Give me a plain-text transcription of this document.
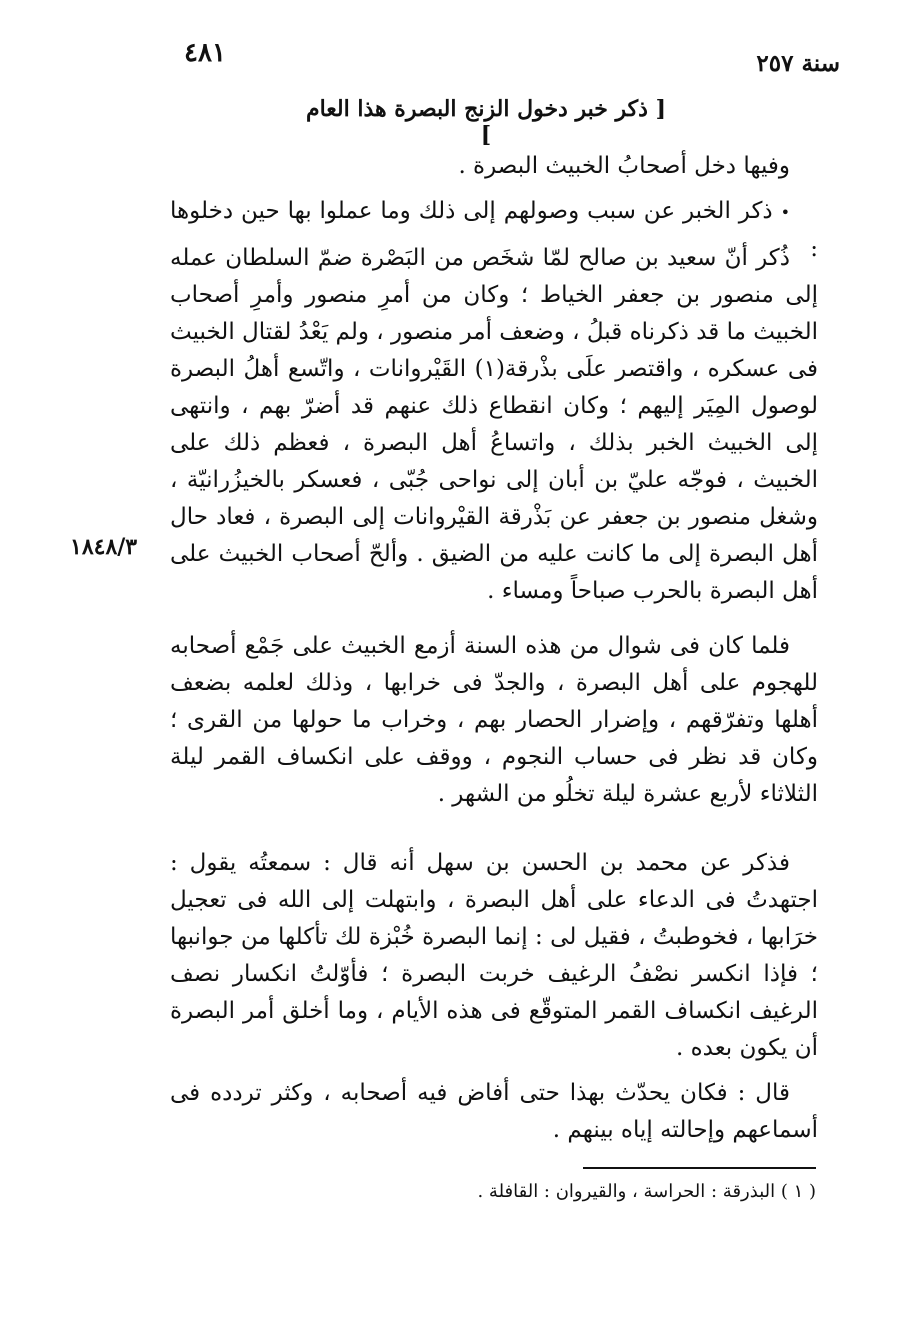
٤٨١	سنة ٢٥٧
[ ذكر خبر دخول الزنج البصرة هذا العام ]

وفيها دخل أصحابُ الخبيث البصرة .

• ذكر الخبر عن سبب وصولهم إلى ذلك وما عملوا بها حين دخلوها :

ذُكر أنّ سعيد بن صالح لمّا شخَص من البَصْرة ضمّ السلطان عمله إلى منصور بن جعفر الخياط ؛ وكان من أمرِ منصور وأمرِ أصحاب الخبيث ما قد ذكرناه قبلُ ، وضعف أمر منصور ، ولم يَعْدُ لقتال الخبيث فى عسكره ، واقتصر علَى بذْرقة(١) القَيْروانات ، واتّسع أهلُ البصرة لوصول المِيَر إليهم ؛ وكان انقطاع ذلك عنهم قد أضرّ بهم ، وانتهى إلى الخبيث الخبر بذلك ، واتساعُ أهل البصرة ، فعظم ذلك على الخبيث ، فوجّه عليّ بن أبان إلى نواحى جُبّى ، فعسكر بالخيزُرانيّة ، وشغل منصور بن جعفر عن بَذْرقة القيْروانات إلى البصرة ، فعاد حال أهل البصرة إلى ما كانت عليه من الضيق . وألحّ أصحاب الخبيث على أهل البصرة بالحرب صباحاً ومساء .

١٨٤٨/٣

فلما كان فى شوال من هذه السنة أزمع الخبيث على جَمْع أصحابه للهجوم على أهل البصرة ، والجدّ فى خرابها ، وذلك لعلمه بضعف أهلها وتفرّقهم ، وإضرار الحصار بهم ، وخراب ما حولها من القرى ؛ وكان قد نظر فى حساب النجوم ، ووقف على انكساف القمر ليلة الثلاثاء لأربع عشرة ليلة تخلُو من الشهر .

فذكر عن محمد بن الحسن بن سهل أنه قال : سمعتُه يقول : اجتهدتُ فى الدعاء على أهل البصرة ، وابتهلت إلى الله فى تعجيل خرَابها ، فخوطبتُ ، فقيل لى : إنما البصرة خُبْزة لك تأكلها من جوانبها ؛ فإذا انكسر نصْفُ الرغيف خربت البصرة ؛ فأوّلتُ انكسار نصف الرغيف انكساف القمر المتوقّع فى هذه الأيام ، وما أخلق أمر البصرة أن يكون بعده .

قال : فكان يحدّث بهذا حتى أفاض فيه أصحابه ، وكثر تردده فى أسماعهم وإحالته إياه بينهم .

( ١ ) البذرقة : الحراسة ، والقيروان : القافلة .
